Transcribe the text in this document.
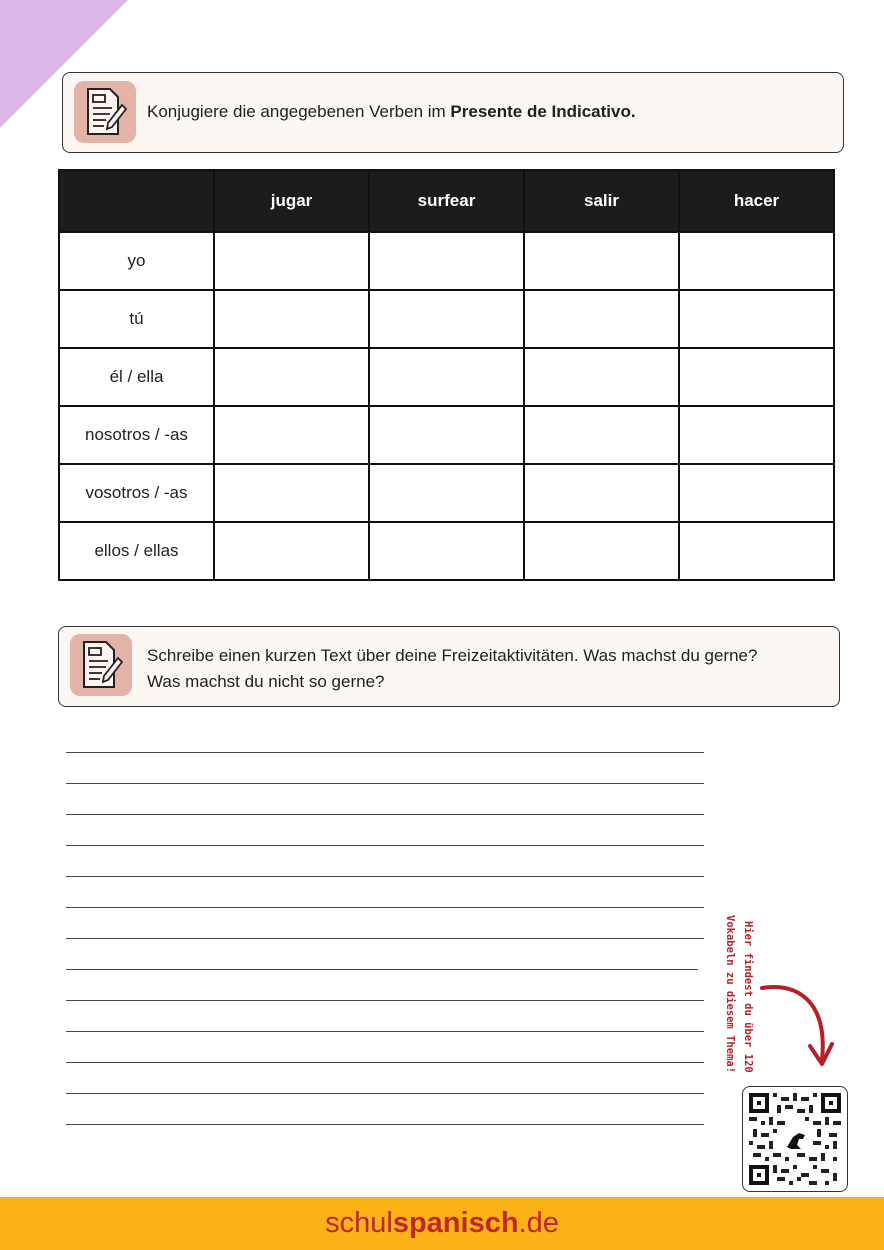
Konjugiere die angegebenen Verben im Presente de Indicativo.
	jugar	surfear	salir	hacer
yo				
tú				
él / ella				
nosotros / -as				
vosotros / -as				
ellos / ellas				
Schreibe einen kurzen Text über deine Freizeitaktivitäten. Was machst du gerne?
Was machst du nicht so gerne?
Hier findest du über 120
Vokabeln zu diesem Thema!
schulspanisch.de
